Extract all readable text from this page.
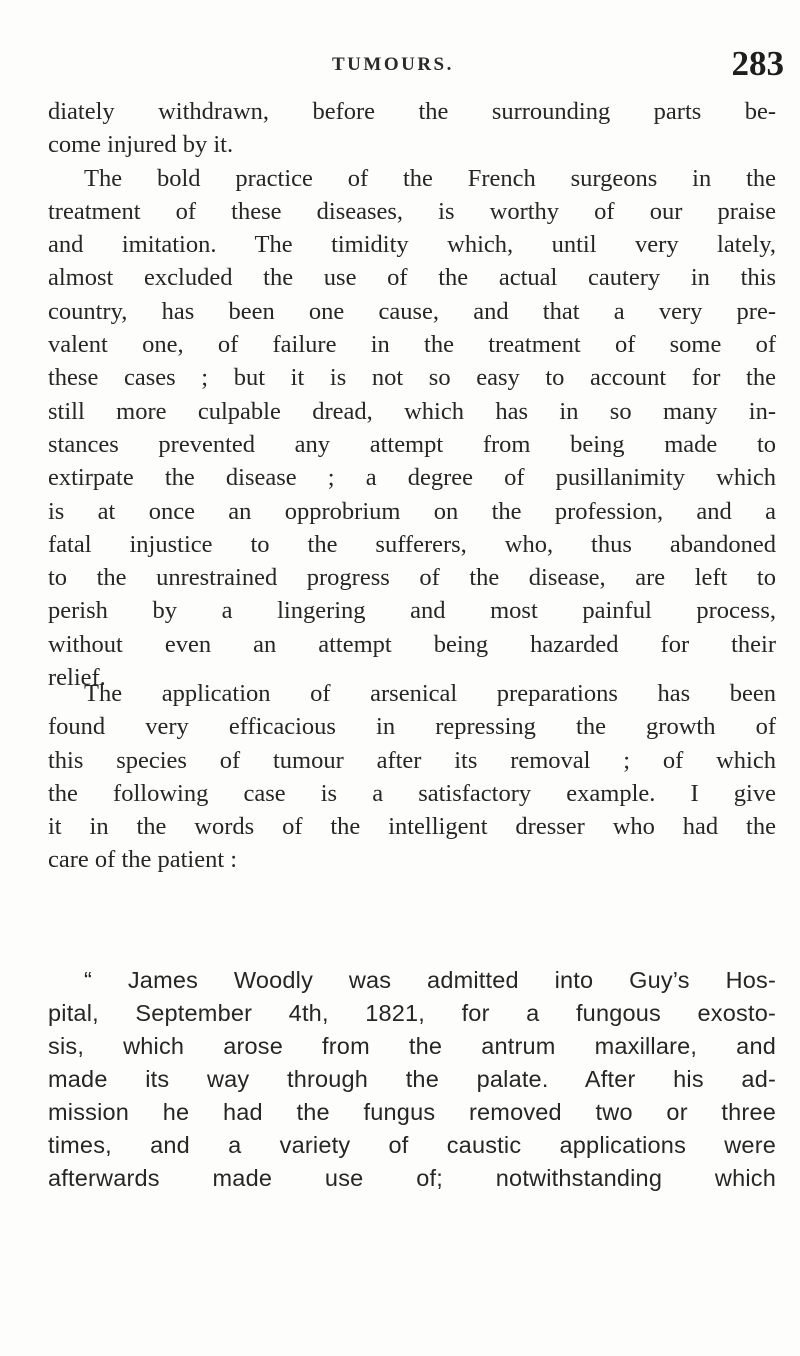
TUMOURS.	283
diately withdrawn, before the surrounding parts be-
come injured by it.
The bold practice of the French surgeons in the
treatment of these diseases, is worthy of our praise
and imitation. The timidity which, until very lately,
almost excluded the use of the actual cautery in this
country, has been one cause, and that a very pre-
valent one, of failure in the treatment of some of
these cases ; but it is not so easy to account for the
still more culpable dread, which has in so many in-
stances prevented any attempt from being made to
extirpate the disease ; a degree of pusillanimity which
is at once an opprobrium on the profession, and a
fatal injustice to the sufferers, who, thus abandoned
to the unrestrained progress of the disease, are left to
perish by a lingering and most painful process,
without even an attempt being hazarded for their
relief.
The application of arsenical preparations has been
found very efficacious in repressing the growth of
this species of tumour after its removal ; of which
the following case is a satisfactory example. I give
it in the words of the intelligent dresser who had the
care of the patient :
“ James Woodly was admitted into Guy’s Hos-
pital, September 4th, 1821, for a fungous exosto-
sis, which arose from the antrum maxillare, and
made its way through the palate. After his ad-
mission he had the fungus removed two or three
times, and a variety of caustic applications were
afterwards made use of; notwithstanding which
